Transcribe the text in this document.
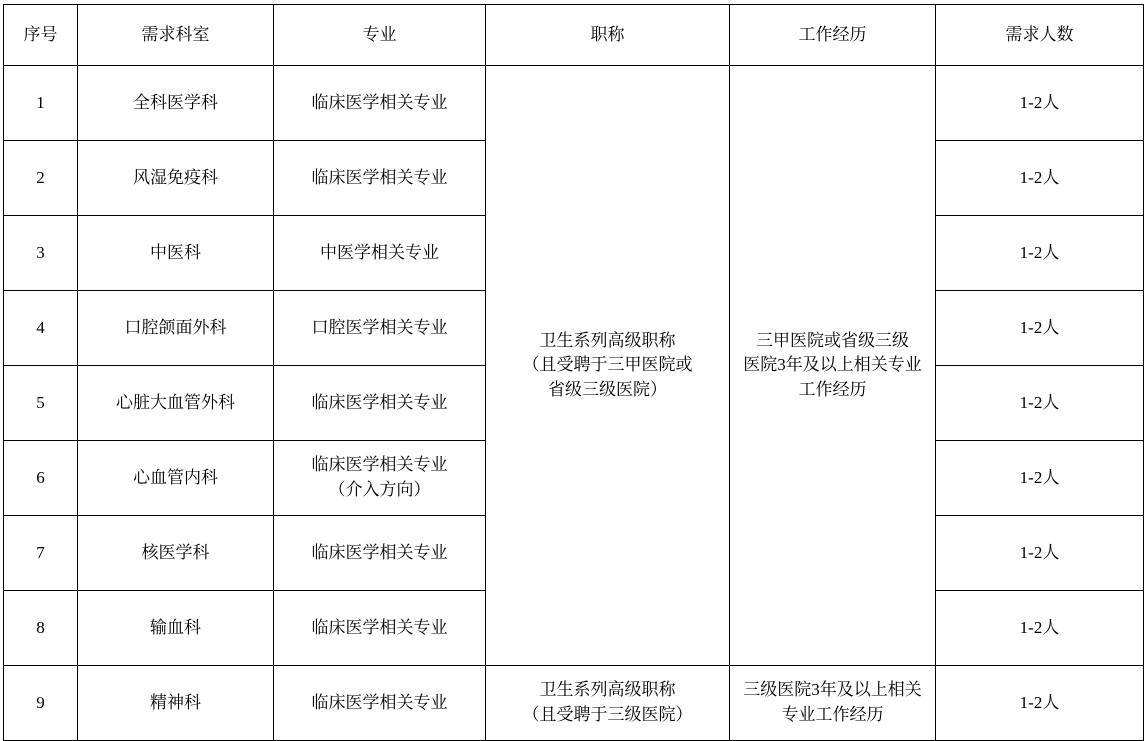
序号	需求科室	专业	职称	工作经历	需求人数
1	全科医学科	临床医学相关专业	卫生系列高级职称
（且受聘于三甲医院或
省级三级医院）	三甲医院或省级三级
医院3年及以上相关专业
工作经历	1-2人
2	风湿免疫科	临床医学相关专业			1-2人
3	中医科	中医学相关专业			1-2人
4	口腔颌面外科	口腔医学相关专业			1-2人
5	心脏大血管外科	临床医学相关专业			1-2人
6	心血管内科	临床医学相关专业
（介入方向）			1-2人
7	核医学科	临床医学相关专业			1-2人
8	输血科	临床医学相关专业			1-2人
9	精神科	临床医学相关专业	卫生系列高级职称
（且受聘于三级医院）	三级医院3年及以上相关
专业工作经历	1-2人
